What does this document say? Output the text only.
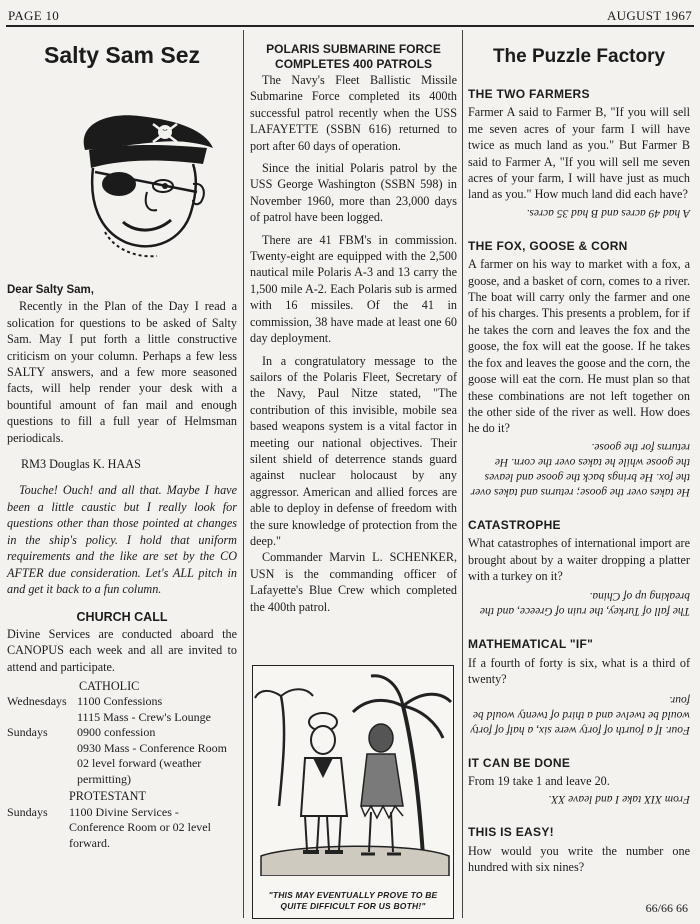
PAGE 10	AUGUST 1967
Salty Sam Sez
Dear Salty Sam,

Recently in the Plan of the Day I read a solication for questions to be asked of Salty Sam. May I put forth a little constructive criticism on your column. Perhaps a few less SALTY answers, and a few more seasoned facts, will help render your desk with a bountiful amount of fan mail and enough questions to fill a full year of Helmsman periodicals.

RM3 Douglas K. HAAS

Touche! Ouch! and all that. Maybe I have been a little caustic but I really look for questions other than those pointed at changes in the ship's policy. I hold that uniform requirements and the like are set by the CO AFTER due consideration. Let's ALL pitch in and get it back to a fun column.

CHURCH CALL

Divine Services are conducted aboard the CANOPUS each week and all are invited to attend and participate.

CATHOLIC
Wednesdays	1100 Confessions
	1115 Mass - Crew's Lounge
Sundays	0900 confession
	0930 Mass - Conference Room
	02 level forward (weather permitting)
PROTESTANT
Sundays	1100 Divine Services - Conference Room or 02 level forward.
POLARIS SUBMARINE FORCE
COMPLETES 400 PATROLS

The Navy's Fleet Ballistic Missile Submarine Force completed its 400th successful patrol recently when the USS LAFAYETTE (SSBN 616) returned to port after 60 days of operation.

Since the initial Polaris patrol by the USS George Washington (SSBN 598) in November 1960, more than 23,000 days of patrol have been logged.

There are 41 FBM's in commission. Twenty-eight are equipped with the 2,500 nautical mile Polaris A-3 and 13 carry the 1,500 mile A-2. Each Polaris sub is armed with 16 missiles. Of the 41 in commission, 38 have made at least one 60 day deployment.

In a congratulatory message to the sailors of the Polaris Fleet, Secretary of the Navy, Paul Nitze stated, "The contribution of this invisible, mobile sea based weapons system is a vital factor in meeting our national objectives. Their silent shield of deterrence stands guard against nuclear holocaust by any aggressor. American and allied forces are able to deploy in defense of freedom with the sure knowledge of protection from the deep."

Commander Marvin L. SCHENKER, USN is the commanding officer of Lafayette's Blue Crew which completed the 400th patrol.

"THIS MAY EVENTUALLY PROVE TO BE QUITE DIFFICULT FOR US BOTH!"
The Puzzle Factory
THE TWO FARMERS

Farmer A said to Farmer B, "If you will sell me seven acres of your farm I will have twice as much land as you." But Farmer B said to Farmer A, "If you will sell me seven acres of your farm, I will have just as much land as you." How much land did each have?

A had 49 acres and B had 35 acres.

THE FOX, GOOSE & CORN

A farmer on his way to market with a fox, a goose, and a basket of corn, comes to a river. The boat will carry only the farmer and one of his charges. This presents a problem, for if he takes the corn and leaves the fox and the goose, the fox will eat the goose. If he takes the fox and leaves the goose and the corn, the goose will eat the corn. He must plan so that these combinations are not left together on the other side of the river as well. How does he do it?

He takes over the goose; returns and takes over the fox. He brings back the goose and leaves the goose while he takes over the corn. He returns for the goose.

CATASTROPHE

What catastrophes of international import are brought about by a waiter dropping a platter with a turkey on it?

The fall of Turkey, the ruin of Greece, and the breaking up of China.

MATHEMATICAL "IF"

If a fourth of forty is six, what is a third of twenty?

Four. If a fourth of forty were six, a half of forty would be twelve and a third of twenty would be four.

IT CAN BE DONE

From 19 take 1 and leave 20.

From XIX take I and leave XX.

THIS IS EASY!

How would you write the number one hundred with six nines?

66/66 66
